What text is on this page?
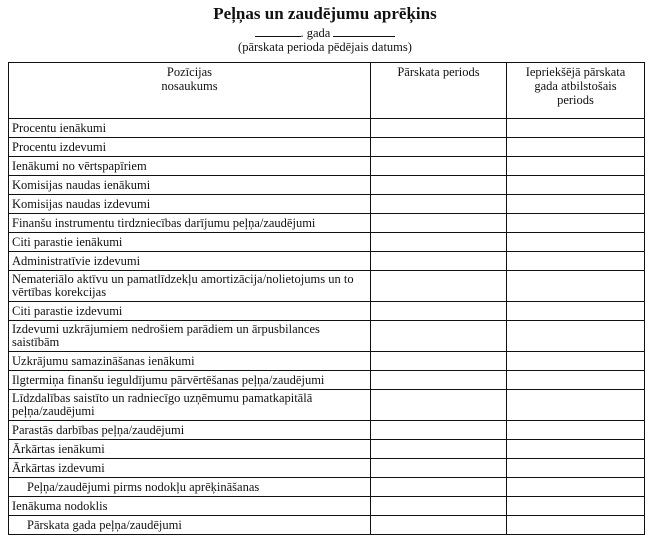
Peļņas un zaudējumu aprēķins
. gada
(pārskata perioda pēdējais datums)
Pozīcijas
nosaukums	Pārskata periods	Iepriekšējā pārskata
gada atbilstošais
periods
Procentu ienākumi		
Procentu izdevumi		
Ienākumi no vērtspapīriem		
Komisijas naudas ienākumi		
Komisijas naudas izdevumi		
Finanšu instrumentu tirdzniecības darījumu peļņa/zaudējumi		
Citi parastie ienākumi		
Administratīvie izdevumi		
Nemateriālo aktīvu un pamatlīdzekļu amortizācija/nolietojums un to vērtības korekcijas		
Citi parastie izdevumi		
Izdevumi uzkrājumiem nedrošiem parādiem un ārpusbilances saistībām		
Uzkrājumu samazināšanas ienākumi		
Ilgtermiņa finanšu ieguldījumu pārvērtēšanas peļņa/zaudējumi		
Līdzdalības saistīto un radniecīgo uzņēmumu pamatkapitālā peļņa/zaudējumi		
Parastās darbības peļņa/zaudējumi		
Ārkārtas ienākumi		
Ārkārtas izdevumi		
Peļņa/zaudējumi pirms nodokļu aprēķināšanas		
Ienākuma nodoklis		
Pārskata gada peļņa/zaudējumi		
